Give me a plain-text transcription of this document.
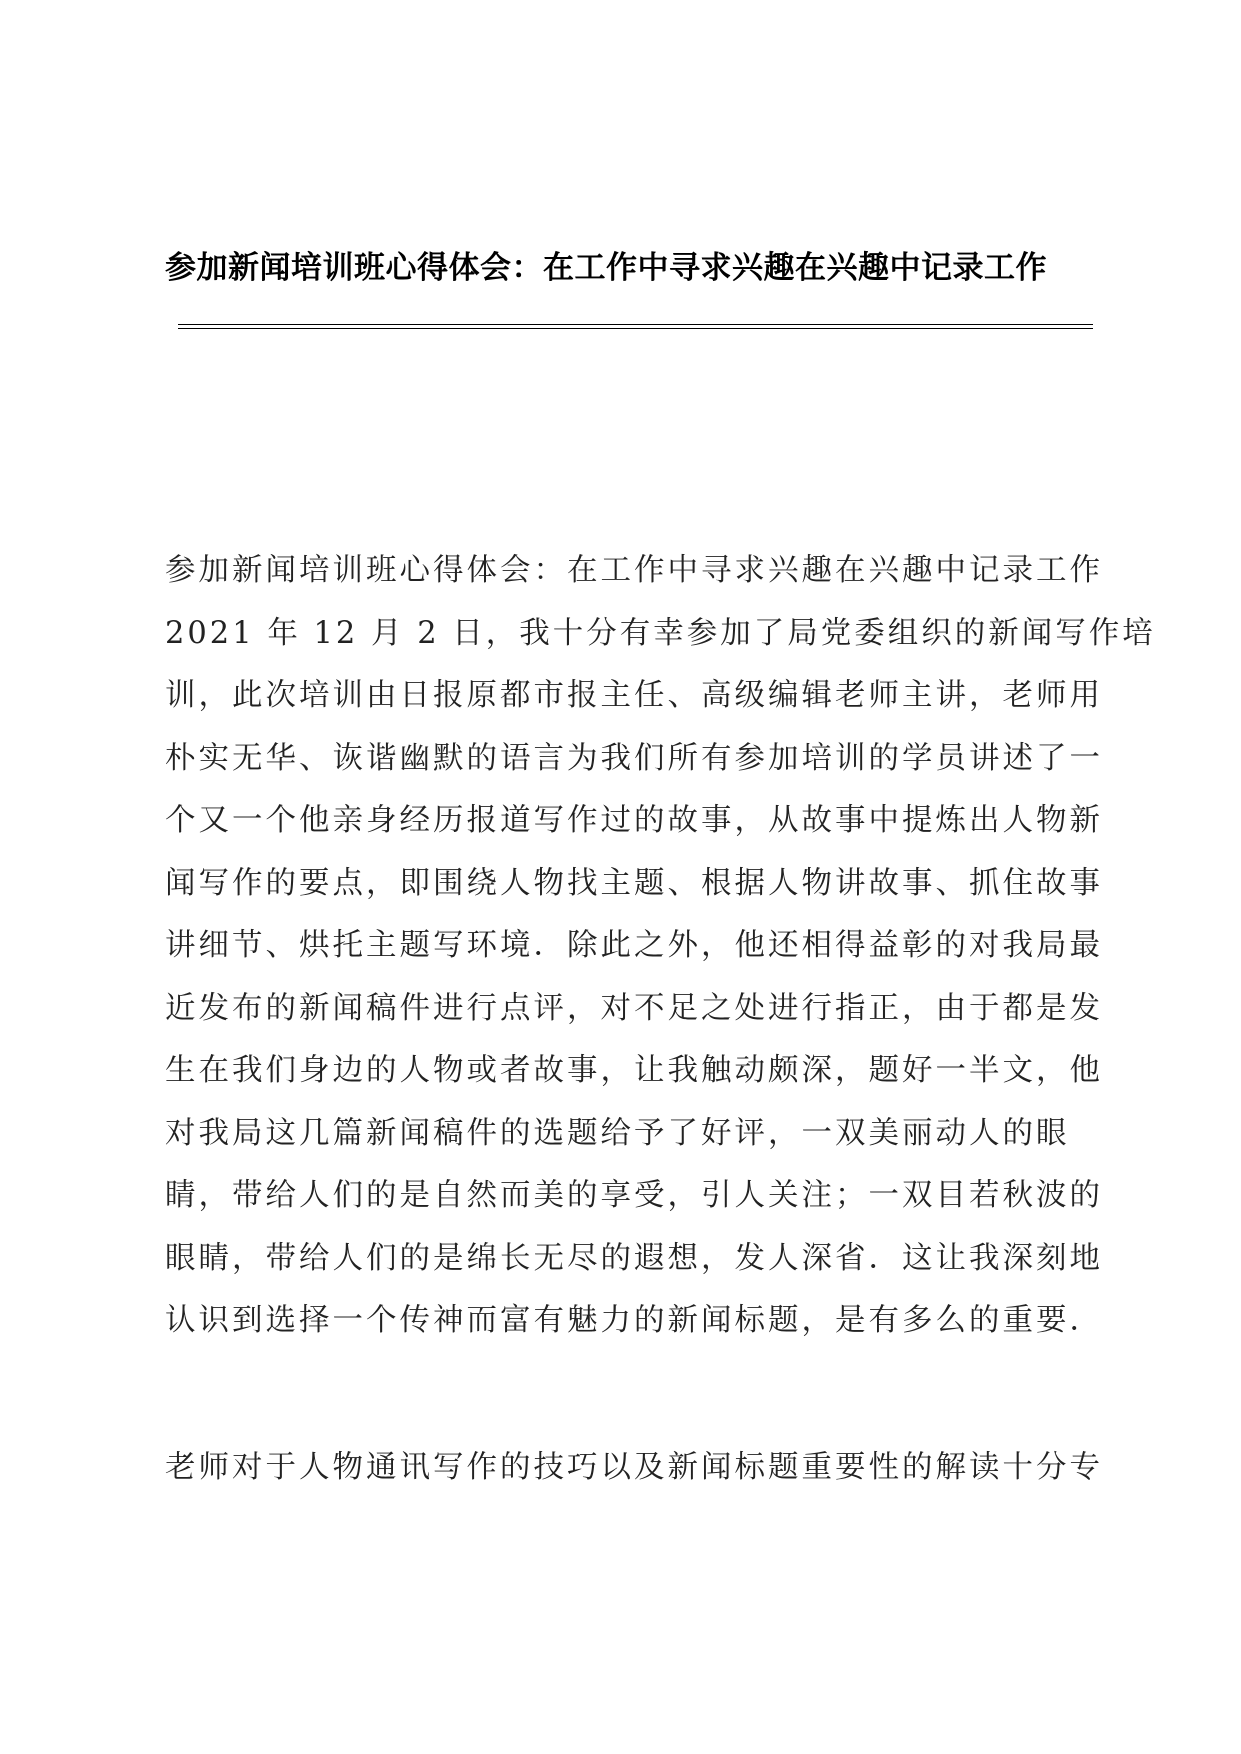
参加新闻培训班心得体会：在工作中寻求兴趣在兴趣中记录工作
参加新闻培训班心得体会：在工作中寻求兴趣在兴趣中记录工作
2021 年 12 月 2 日，我十分有幸参加了局党委组织的新闻写作培
训，此次培训由日报原都市报主任、高级编辑老师主讲，老师用
朴实无华、诙谐幽默的语言为我们所有参加培训的学员讲述了一
个又一个他亲身经历报道写作过的故事，从故事中提炼出人物新
闻写作的要点，即围绕人物找主题、根据人物讲故事、抓住故事
讲细节、烘托主题写环境．除此之外，他还相得益彰的对我局最
近发布的新闻稿件进行点评，对不足之处进行指正，由于都是发
生在我们身边的人物或者故事，让我触动颇深，题好一半文，他
对我局这几篇新闻稿件的选题给予了好评，一双美丽动人的眼
睛，带给人们的是自然而美的享受，引人关注；一双目若秋波的
眼睛，带给人们的是绵长无尽的遐想，发人深省．这让我深刻地
认识到选择一个传神而富有魅力的新闻标题，是有多么的重要．
老师对于人物通讯写作的技巧以及新闻标题重要性的解读十分专
